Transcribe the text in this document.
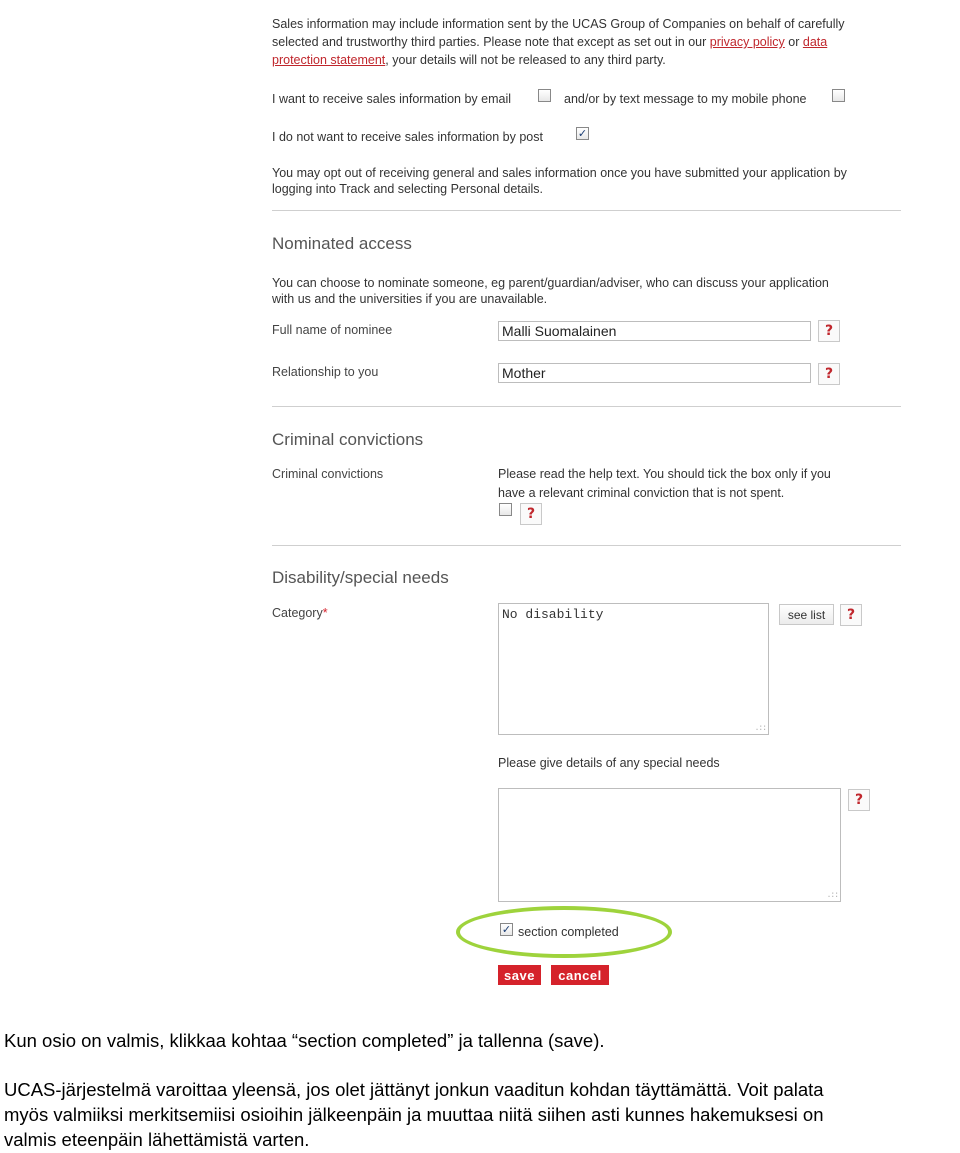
Sales information may include information sent by the UCAS Group of Companies on behalf of carefully
selected and trustworthy third parties. Please note that except as set out in our privacy policy or data
protection statement, your details will not be released to any third party.
I want to receive sales information by email	and/or by text message to my mobile phone
I do not want to receive sales information by post	✓
You may opt out of receiving general and sales information once you have submitted your application by
logging into Track and selecting Personal details.
Nominated access
You can choose to nominate someone, eg parent/guardian/adviser, who can discuss your application
with us and the universities if you are unavailable.
Full name of nominee	Malli Suomalainen	?
Relationship to you	Mother	?
Criminal convictions
Criminal convictions	Please read the help text. You should tick the box only if you
have a relevant criminal conviction that is not spent.
?
Disability/special needs
Category*	No disability
.::
see list	?
Please give details of any special needs
.::
?
✓ section completed
save	cancel
Kun osio on valmis, klikkaa kohtaa “section completed” ja tallenna (save).
UCAS-järjestelmä varoittaa yleensä, jos olet jättänyt jonkun vaaditun kohdan täyttämättä. Voit palata
myös valmiiksi merkitsemiisi osioihin jälkeenpäin ja muuttaa niitä siihen asti kunnes hakemuksesi on
valmis eteenpäin lähettämistä varten.
